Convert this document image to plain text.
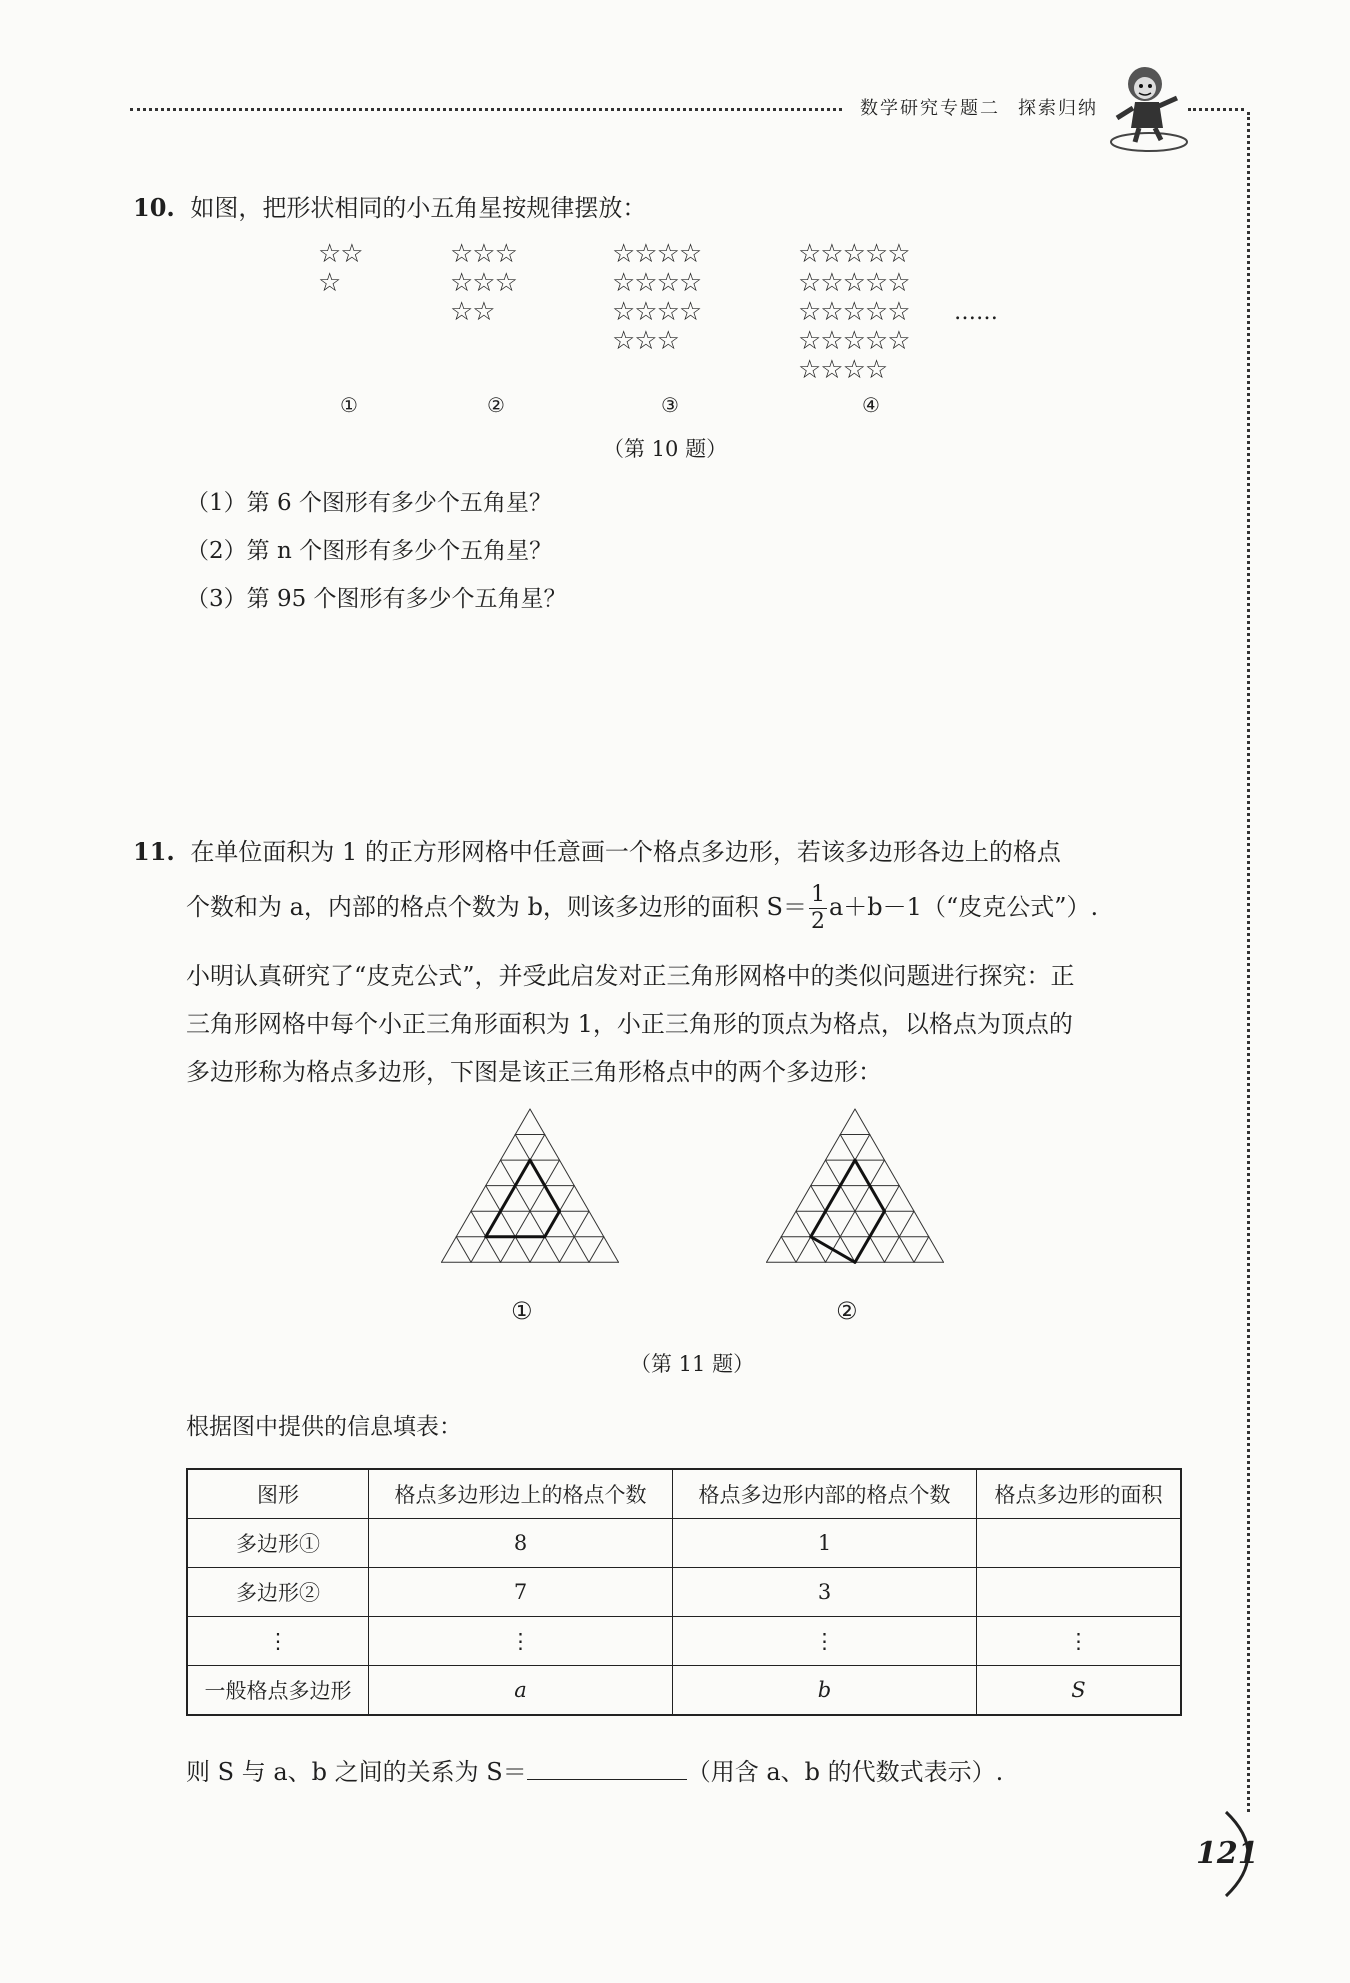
数学研究专题二 探索归纳
10. 如图，把形状相同的小五角星按规律摆放：
☆☆
☆
①
☆☆☆
☆☆☆
☆☆
②
☆☆☆☆
☆☆☆☆
☆☆☆☆
☆☆☆
③
☆☆☆☆☆
☆☆☆☆☆
☆☆☆☆☆
☆☆☆☆☆
☆☆☆☆
④
……
（第 10 题）
（1）第 6 个图形有多少个五角星？
（2）第 n 个图形有多少个五角星？
（3）第 95 个图形有多少个五角星？
11. 在单位面积为 1 的正方形网格中任意画一个格点多边形，若该多边形各边上的格点
个数和为 a，内部的格点个数为 b，则该多边形的面积 $S= \frac{1}{2}$ a＋b－1（“皮克公式”）.
小明认真研究了“皮克公式”，并受此启发对正三角形网格中的类似问题进行探究：正
三角形网格中每个小正三角形面积为 1，小正三角形的顶点为格点，以格点为顶点的
多边形称为格点多边形，下图是该正三角形格点中的两个多边形：
①	②
（第 11 题）
根据图中提供的信息填表：
图形	格点多边形边上的格点个数	格点多边形内部的格点个数	格点多边形的面积
多边形①	8	1	
多边形②	7	3	
⋮	⋮	⋮	⋮
一般格点多边形	a	b	S
则 S 与 a、b 之间的关系为 S＝	（用含 a、b 的代数式表示）.
121
